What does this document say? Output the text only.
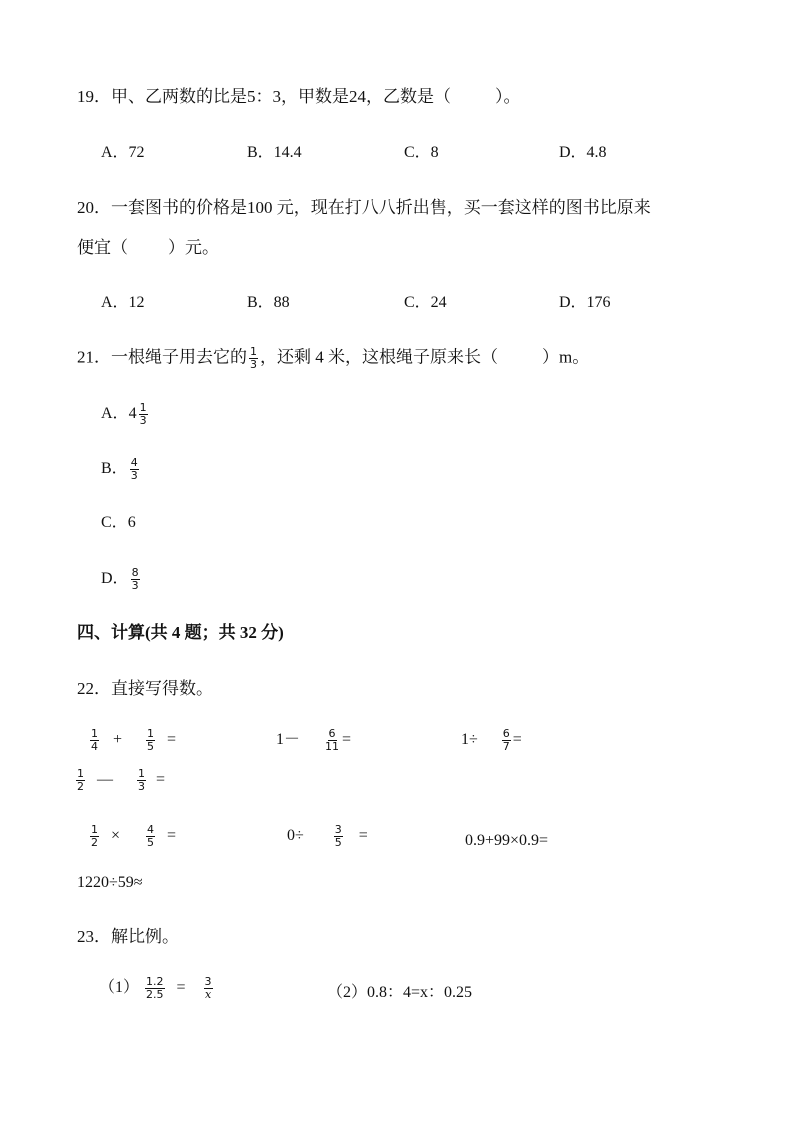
19．甲、乙两数的比是5：3，甲数是24，乙数是（	）。
A．72	B．14.4	C．8	D．4.8
20．一套图书的价格是100 元，现在打八八折出售，买一套这样的图书比原来
便宜（ ）元。
A．12	B．88	C．24	D．176
21．一根绳子用去它的 $\frac{1}{3}$ ，还剩 4 米，这根绳子原来长（	）m。
A．$4 \frac{1}{3}$
B． $\frac{4}{3}$
C．6
D． $\frac{8}{3}$
四、计算(共 4 题；共 32 分)
22．直接写得数。
$\frac{1}{4} + \frac{1}{5}$ =	$1- \frac{6}{11}$ =	$1\div \frac{6}{7}$ =
$\frac{1}{2}$ — $\frac{1}{3}$ =
$\frac{1}{2} \times \frac{4}{5}$ =	0÷	$\frac{3}{5}$ =	0.9+99×0.9=
1220÷59≈
23．解比例。
$(1) \frac{1.2}{2.5} = \frac{3}{x}$	（2）0.8：4=x：0.25
